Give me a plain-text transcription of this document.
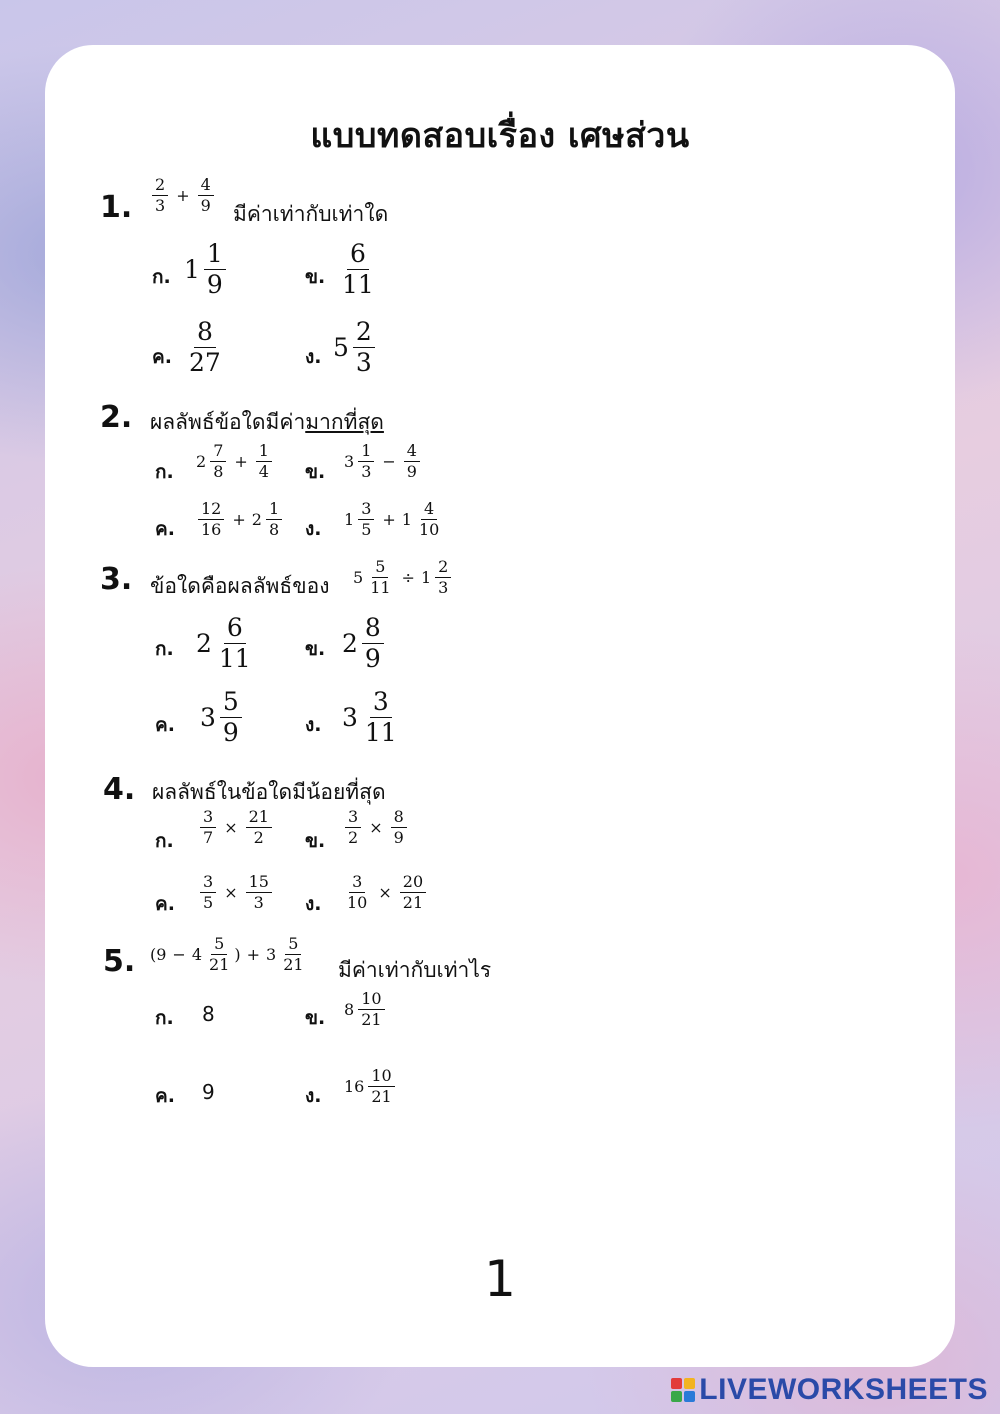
แบบทดสอบเรื่อง เศษส่วน
1. $\frac{2}{3} + \frac{4}{9}$ มีค่าเท่ากับเท่าใด
ก. $1 \frac{1}{9}$	ข. $\frac{6}{11}$
ค. $\frac{8}{27}$	ง. $5 \frac{2}{3}$
2. ผลลัพธ์ข้อใดมีค่ามากที่สุด
ก. $2 \frac{7}{8} + \frac{1}{4}$ ข. $3 \frac{1}{3} - \frac{4}{9}$
ค. $\frac{12}{16} + 2 \frac{1}{8}$ ง. $1 \frac{3}{5} + 1 \frac{4}{10}$
3. ข้อใดคือผลลัพธ์ของ $5 \frac{5}{11} \div 1 \frac{2}{3}$
ก. $2 \frac{6}{11}$	ข. $2 \frac{8}{9}$
ค. $3 \frac{5}{9}$	ง. $3 \frac{3}{11}$
4. ผลลัพธ์ในข้อใดมีน้อยที่สุด
ก. $\frac{3}{7} \times \frac{21}{2}$ ข. $\frac{3}{2} \times \frac{8}{9}$
ค. $\frac{3}{5} \times \frac{15}{3}$ ง. $\frac{3}{10} \times \frac{20}{21}$
5. ($9 - 4 \frac{5}{21}$ ) + $3 \frac{5}{21}$ มีค่าเท่ากับเท่าไร
ก. 8	ข. $8 \frac{10}{21}$
ค. 9	ง. $16 \frac{10}{21}$
1
LIVEWORKSHEETS
